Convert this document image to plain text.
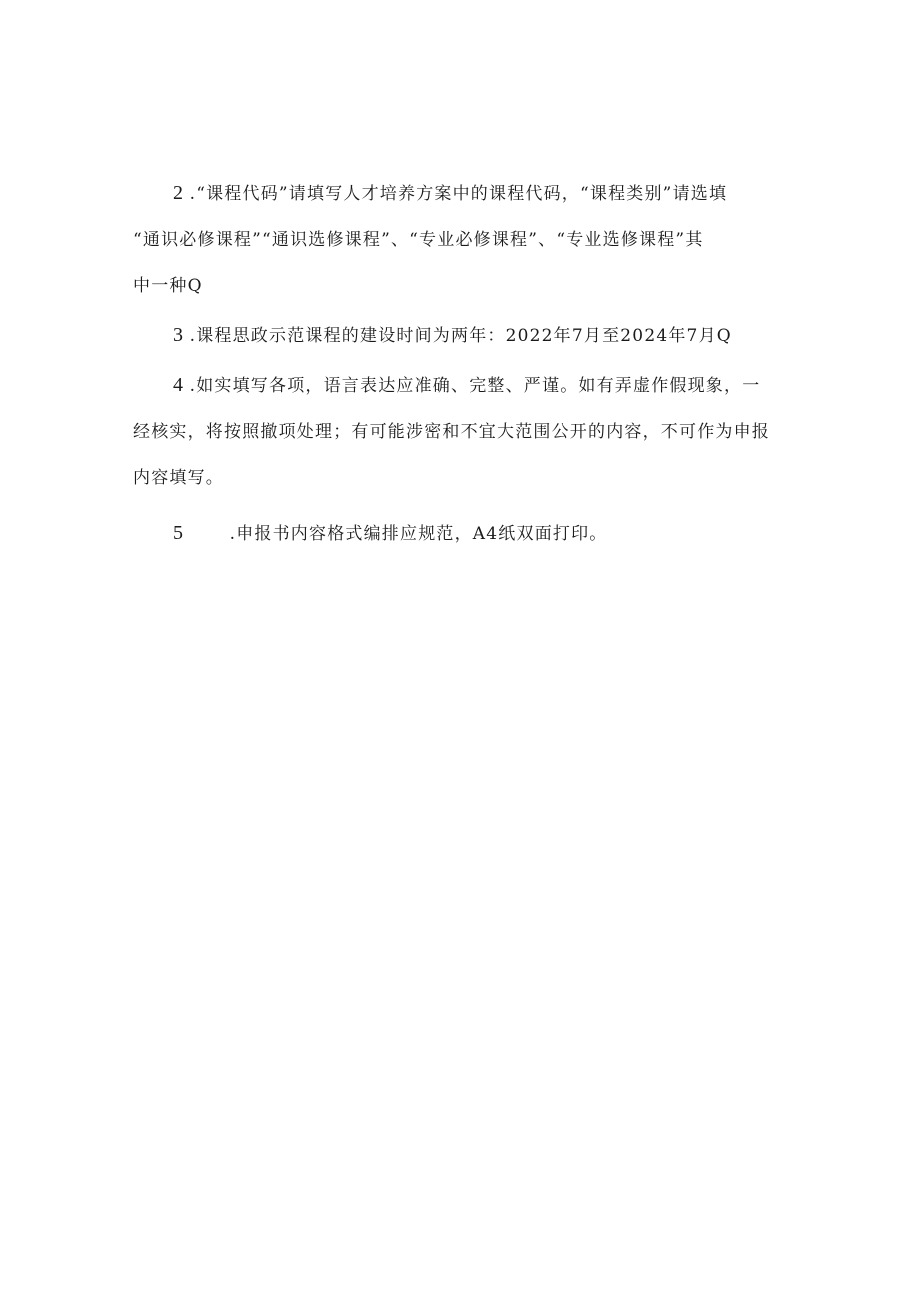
2 .“课程代码”请填写人才培养方案中的课程代码，“课程类别”请选填
“通识必修课程”“通识选修课程”、“专业必修课程”、“专业选修课程”其
中一种Q
3 .课程思政示范课程的建设时间为两年：2022年7月至2024年7月Q
4 .如实填写各项，语言表达应准确、完整、严谨。如有弄虚作假现象，一
经核实，将按照撤项处理；有可能涉密和不宜大范围公开的内容，不可作为申报
内容填写。
5 .申报书内容格式编排应规范，A4纸双面打印。
